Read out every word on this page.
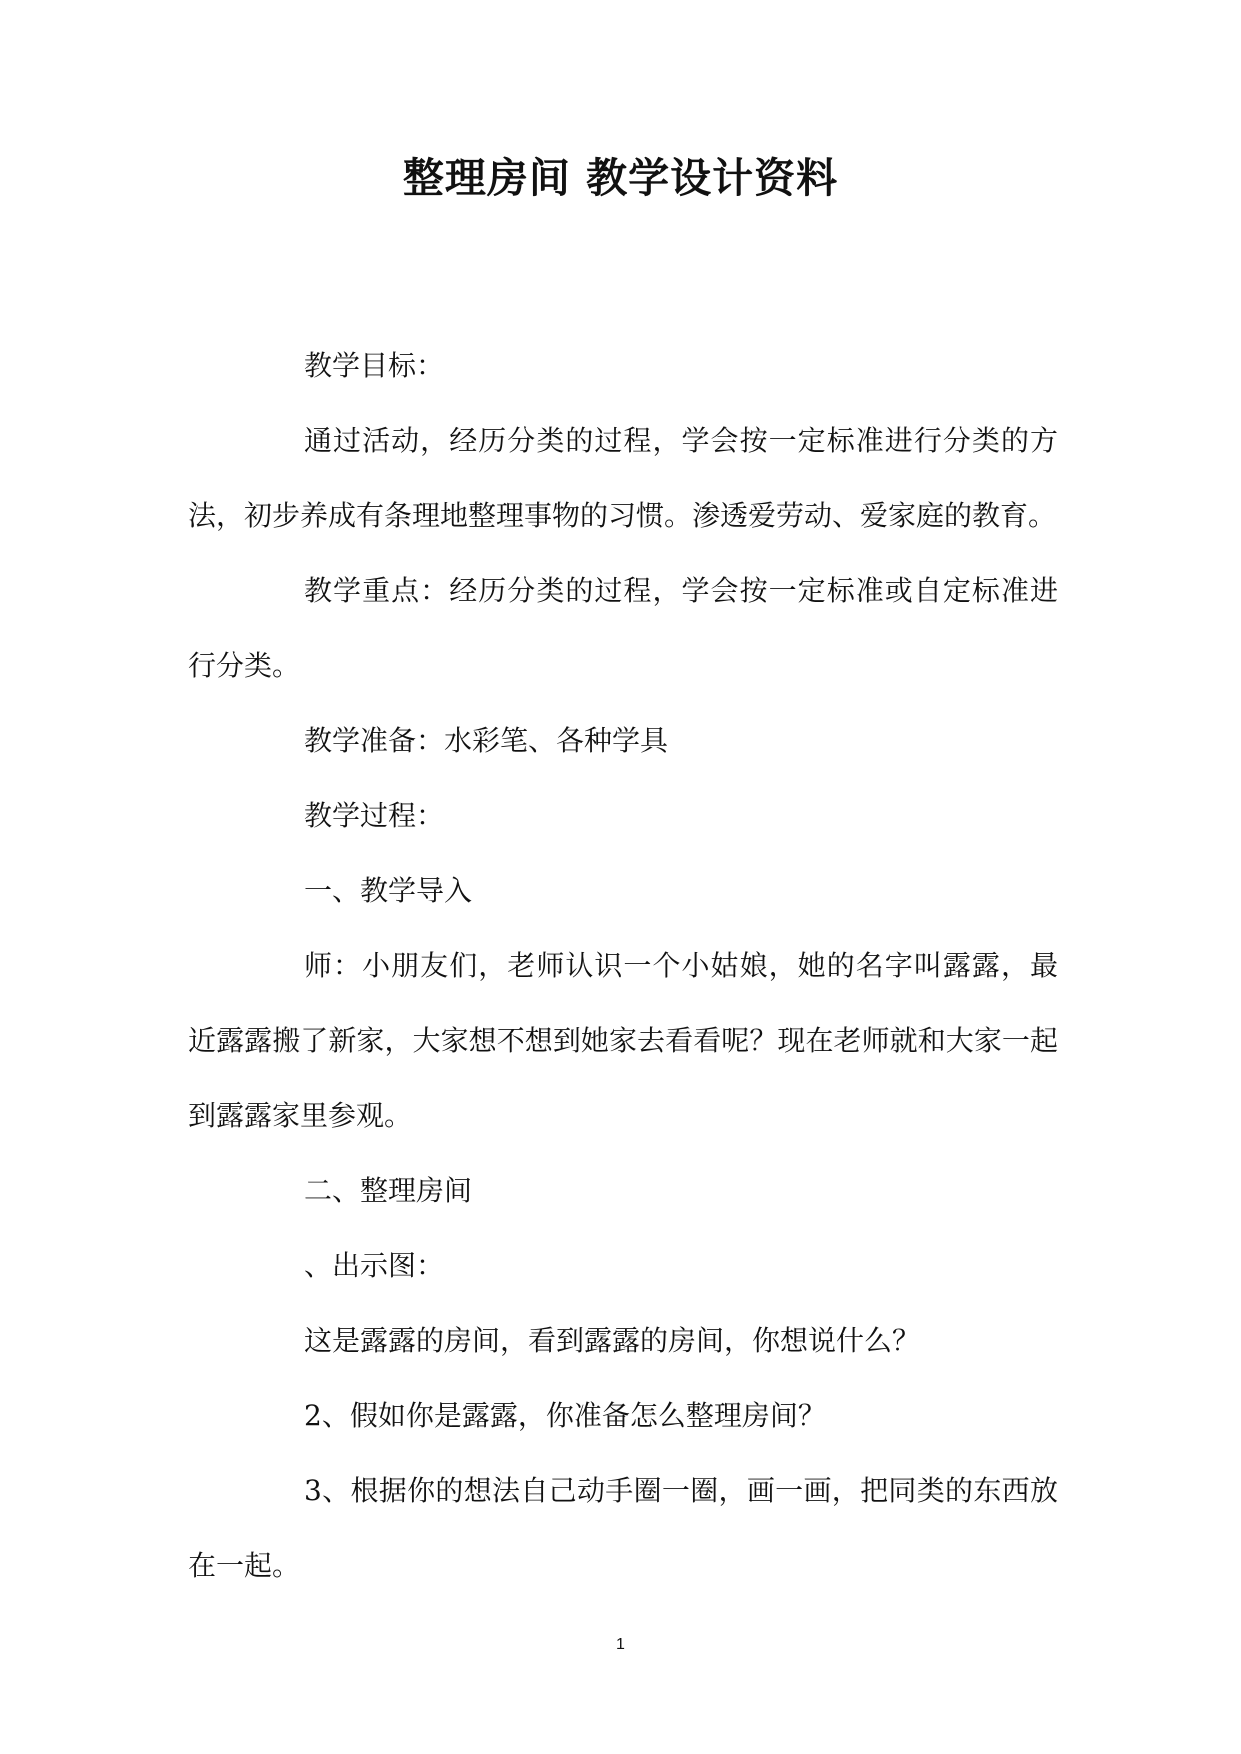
整理房间 教学设计资料

教学目标：

通过活动，经历分类的过程，学会按一定标准进行分类的方法，初步养成有条理地整理事物的习惯。渗透爱劳动、爱家庭的教育。

教学重点：经历分类的过程，学会按一定标准或自定标准进行分类。

教学准备：水彩笔、各种学具

教学过程：

一、教学导入

师：小朋友们，老师认识一个小姑娘，她的名字叫露露，最近露露搬了新家，大家想不想到她家去看看呢？现在老师就和大家一起到露露家里参观。

二、整理房间

、出示图：

这是露露的房间，看到露露的房间，你想说什么？

2、假如你是露露，你准备怎么整理房间？

3、根据你的想法自己动手圈一圈，画一画，把同类的东西放在一起。

1
